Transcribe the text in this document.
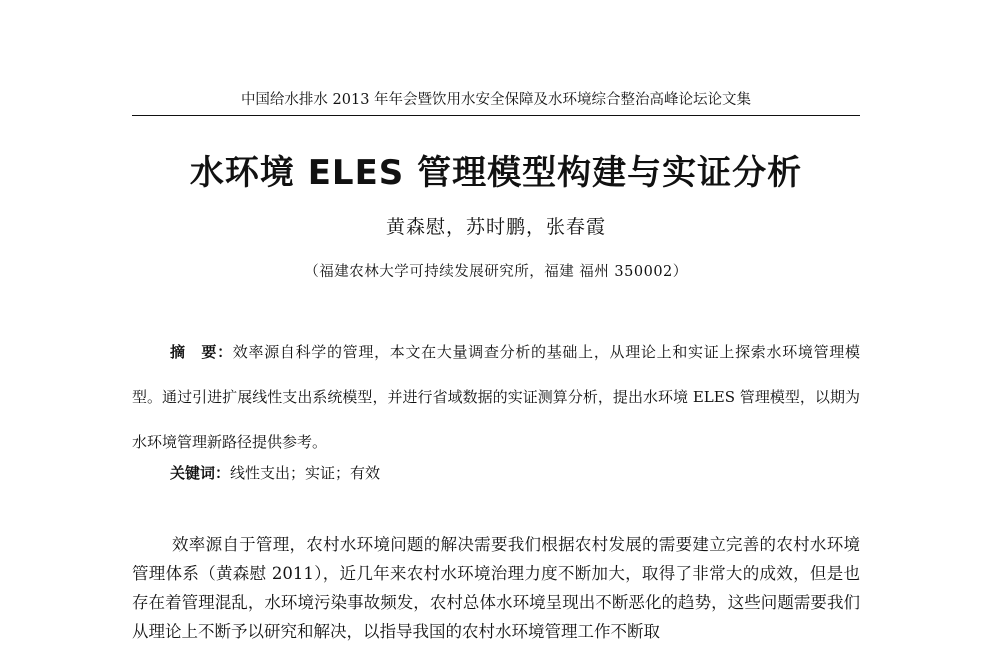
中国给水排水 2013 年年会暨饮用水安全保障及水环境综合整治高峰论坛论文集
水环境 ELES 管理模型构建与实证分析
黄森慰，苏时鹏，张春霞
（福建农林大学可持续发展研究所，福建 福州 350002）
摘　要：效率源自科学的管理，本文在大量调查分析的基础上，从理论上和实证上探索水环境管理模型。通过引进扩展线性支出系统模型，并进行省域数据的实证测算分析，提出水环境 ELES 管理模型，以期为水环境管理新路径提供参考。
关键词：线性支出；实证；有效
效率源自于管理，农村水环境问题的解决需要我们根据农村发展的需要建立完善的农村水环境管理体系（黄森慰 2011），近几年来农村水环境治理力度不断加大，取得了非常大的成效，但是也存在着管理混乱，水环境污染事故频发，农村总体水环境呈现出不断恶化的趋势，这些问题需要我们从理论上不断予以研究和解决，以指导我国的农村水环境管理工作不断取
